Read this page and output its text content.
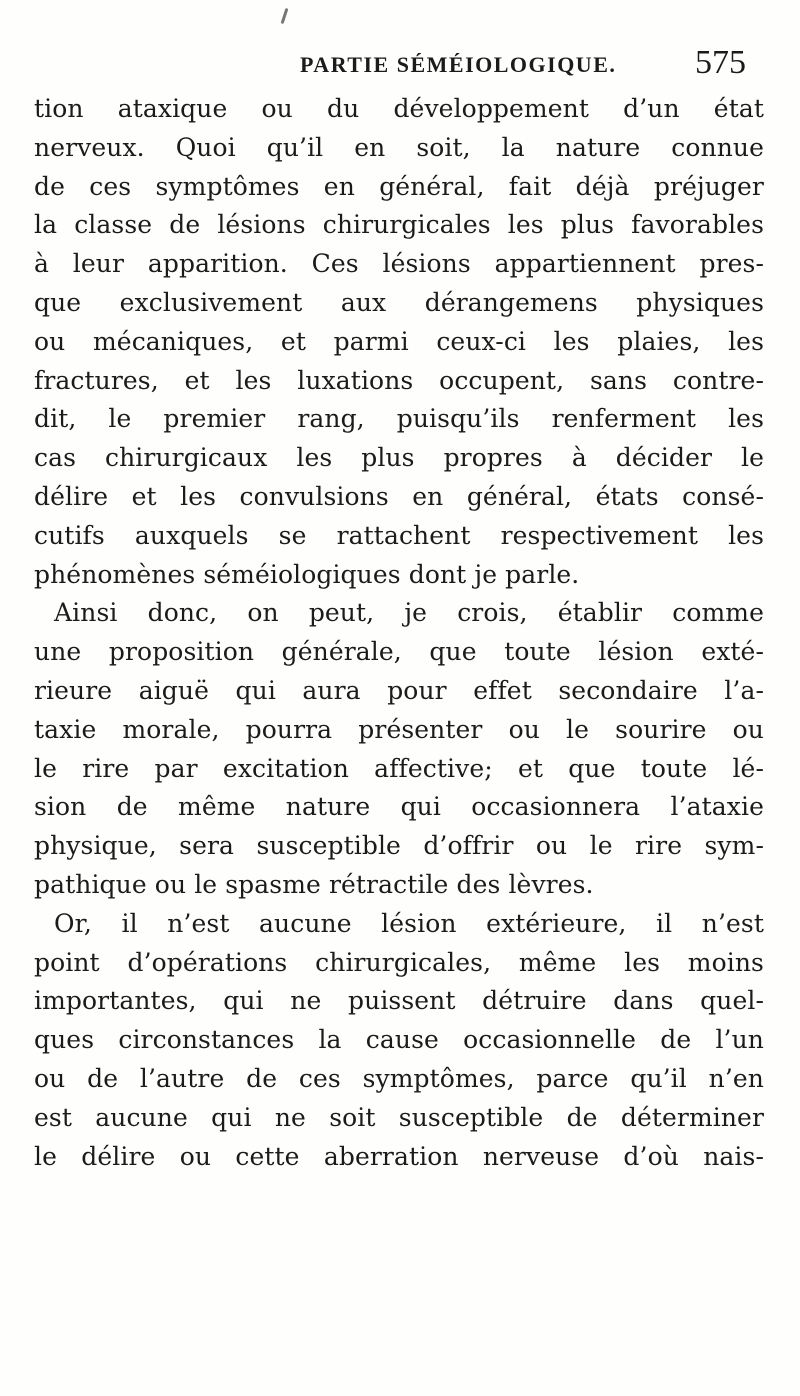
PARTIE SÉMÉIOLOGIQUE. 575
tion ataxique ou du développement d’un état
nerveux. Quoi qu’il en soit, la nature connue
de ces symptômes en général, fait déjà préjuger
la classe de lésions chirurgicales les plus favorables
à leur apparition. Ces lésions appartiennent pres-
que exclusivement aux dérangemens physiques
ou mécaniques, et parmi ceux-ci les plaies, les
fractures, et les luxations occupent, sans contre-
dit, le premier rang, puisqu’ils renferment les
cas chirurgicaux les plus propres à décider le
délire et les convulsions en général, états consé-
cutifs auxquels se rattachent respectivement les
phénomènes séméiologiques dont je parle.
Ainsi donc, on peut, je crois, établir comme
une proposition générale, que toute lésion exté-
rieure aiguë qui aura pour effet secondaire l’a-
taxie morale, pourra présenter ou le sourire ou
le rire par excitation affective; et que toute lé-
sion de même nature qui occasionnera l’ataxie
physique, sera susceptible d’offrir ou le rire sym-
pathique ou le spasme rétractile des lèvres.
Or, il n’est aucune lésion extérieure, il n’est
point d’opérations chirurgicales, même les moins
importantes, qui ne puissent détruire dans quel-
ques circonstances la cause occasionnelle de l’un
ou de l’autre de ces symptômes, parce qu’il n’en
est aucune qui ne soit susceptible de déterminer
le délire ou cette aberration nerveuse d’où nais-
